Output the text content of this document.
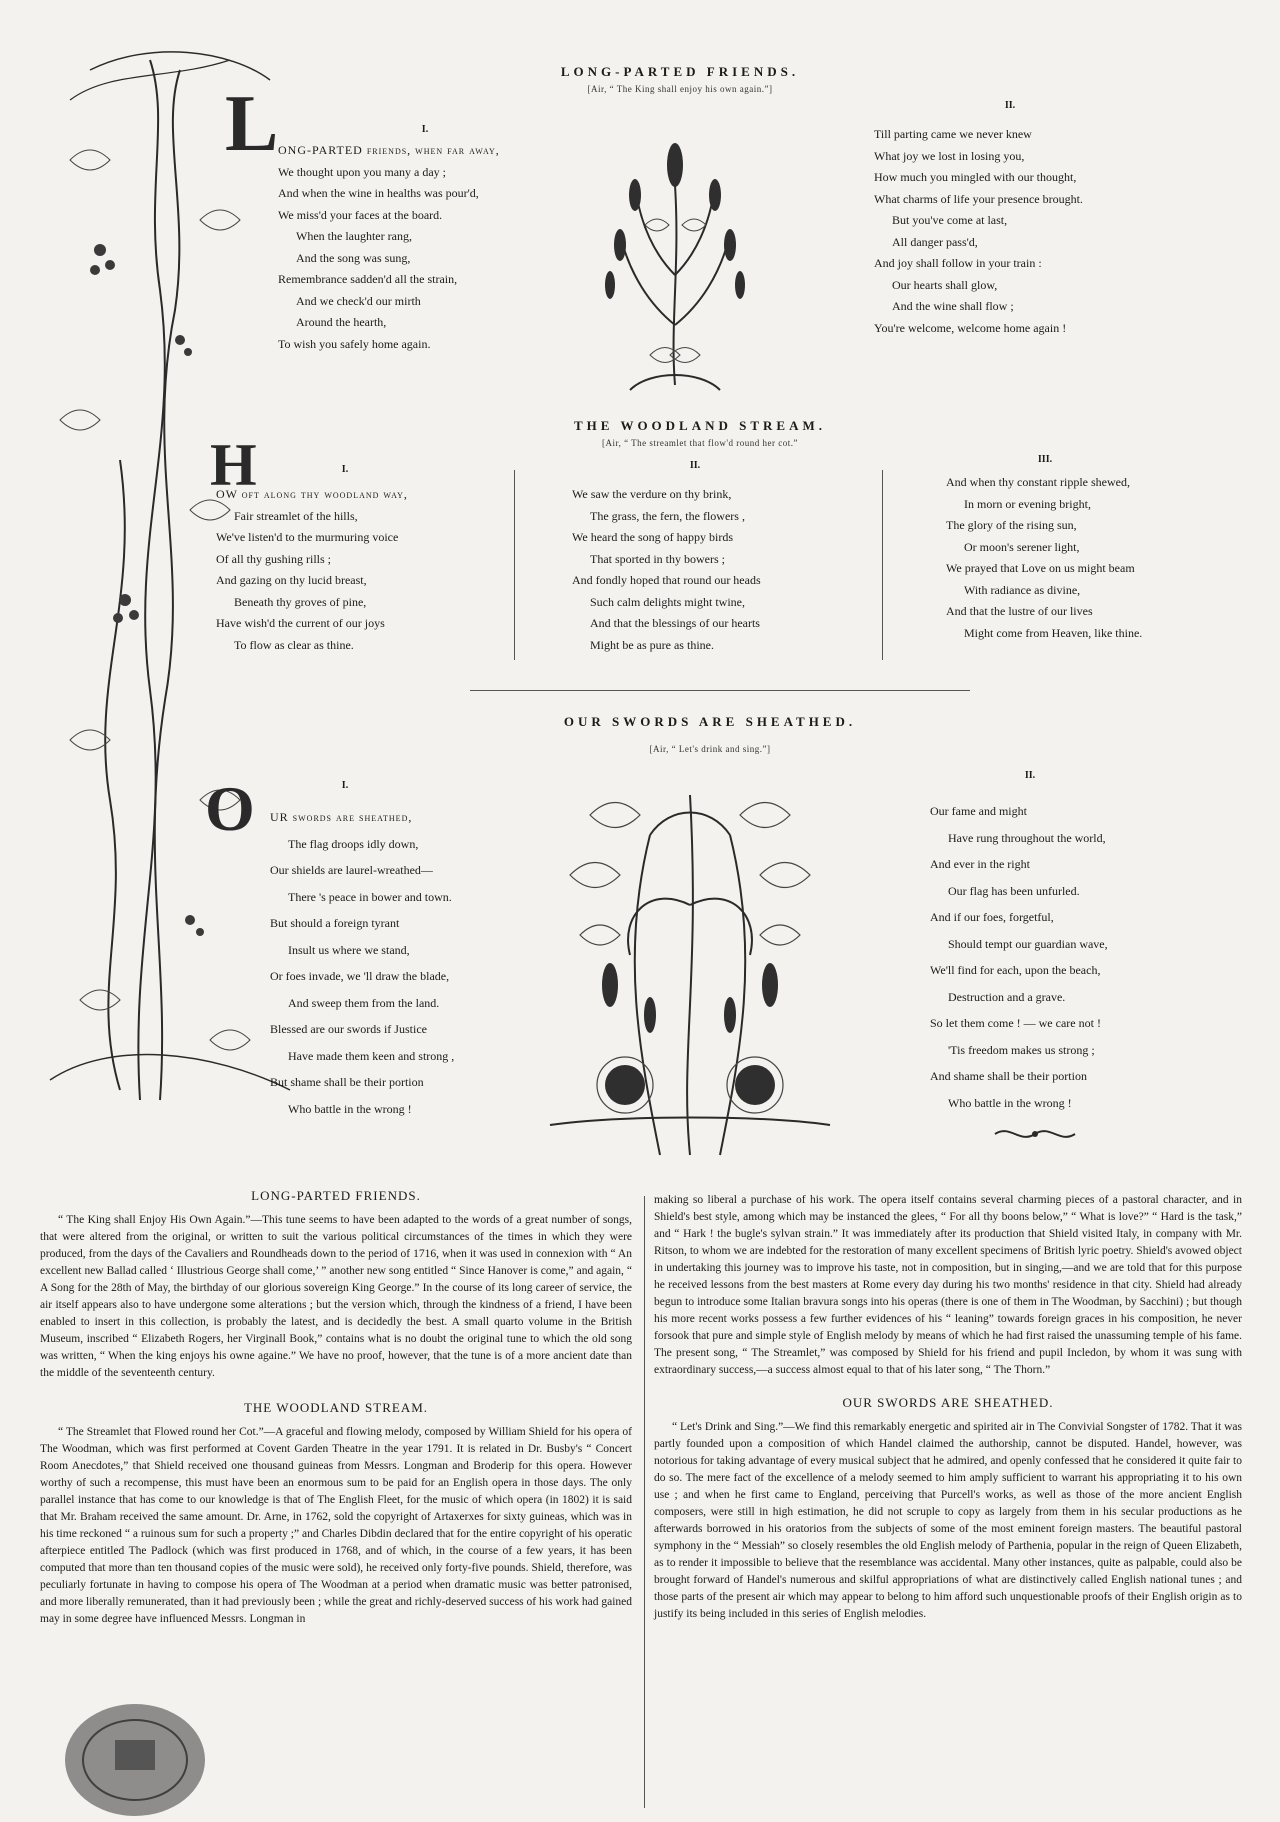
L
H
O
LONG-PARTED FRIENDS.
[Air, “ The King shall enjoy his own again.”]
I.
ONG-PARTED friends, when far away,
We thought upon you many a day ;
And when the wine in healths was pour'd,
We miss'd your faces at the board.
When the laughter rang,
And the song was sung,
Remembrance sadden'd all the strain,
And we check'd our mirth
Around the hearth,
To wish you safely home again.
II.
Till parting came we never knew
What joy we lost in losing you,
How much you mingled with our thought,
What charms of life your presence brought.
But you've come at last,
All danger pass'd,
And joy shall follow in your train :
Our hearts shall glow,
And the wine shall flow ;
You're welcome, welcome home again !
THE WOODLAND STREAM.
[Air, “ The streamlet that flow'd round her cot.”
I.
OW oft along thy woodland way,
Fair streamlet of the hills,
We've listen'd to the murmuring voice
Of all thy gushing rills ;
And gazing on thy lucid breast,
Beneath thy groves of pine,
Have wish'd the current of our joys
To flow as clear as thine.
II.
We saw the verdure on thy brink,
The grass, the fern, the flowers ,
We heard the song of happy birds
That sported in thy bowers ;
And fondly hoped that round our heads
Such calm delights might twine,
And that the blessings of our hearts
Might be as pure as thine.
III.
And when thy constant ripple shewed,
In morn or evening bright,
The glory of the rising sun,
Or moon's serener light,
We prayed that Love on us might beam
With radiance as divine,
And that the lustre of our lives
Might come from Heaven, like thine.
OUR SWORDS ARE SHEATHED.
[Air, “ Let's drink and sing.”]
I.
UR swords are sheathed,
The flag droops idly down,
Our shields are laurel-wreathed—
There 's peace in bower and town.
But should a foreign tyrant
Insult us where we stand,
Or foes invade, we 'll draw the blade,
And sweep them from the land.
Blessed are our swords if Justice
Have made them keen and strong ,
But shame shall be their portion
Who battle in the wrong !
II.
Our fame and might
Have rung throughout the world,
And ever in the right
Our flag has been unfurled.
And if our foes, forgetful,
Should tempt our guardian wave,
We'll find for each, upon the beach,
Destruction and a grave.
So let them come ! — we care not !
'Tis freedom makes us strong ;
And shame shall be their portion
Who battle in the wrong !
LONG-PARTED FRIENDS.

“ The King shall Enjoy His Own Again.”—This tune seems to have been adapted to the words of a great number of songs, that were altered from the original, or written to suit the various political circumstances of the times in which they were produced, from the days of the Cavaliers and Roundheads down to the period of 1716, when it was used in connexion with “ An excellent new Ballad called ‘ Illustrious George shall come,’ ” another new song entitled “ Since Hanover is come,” and again, “ A Song for the 28th of May, the birthday of our glorious sovereign King George.” In the course of its long career of service, the air itself appears also to have undergone some alterations ; but the version which, through the kindness of a friend, I have been enabled to insert in this collection, is probably the latest, and is decidedly the best. A small quarto volume in the British Museum, inscribed “ Elizabeth Rogers, her Virginall Book,” contains what is no doubt the original tune to which the old song was written, “ When the king enjoys his owne againe.” We have no proof, however, that the tune is of a more ancient date than the middle of the seventeenth century.

THE WOODLAND STREAM.

“ The Streamlet that Flowed round her Cot.”—A graceful and flowing melody, composed by William Shield for his opera of The Woodman, which was first performed at Covent Garden Theatre in the year 1791. It is related in Dr. Busby's “ Concert Room Anecdotes,” that Shield received one thousand guineas from Messrs. Longman and Broderip for this opera. However worthy of such a recompense, this must have been an enormous sum to be paid for an English opera in those days. The only parallel instance that has come to our knowledge is that of The English Fleet, for the music of which opera (in 1802) it is said that Mr. Braham received the same amount. Dr. Arne, in 1762, sold the copyright of Artaxerxes for sixty guineas, which was in his time reckoned “ a ruinous sum for such a property ;” and Charles Dibdin declared that for the entire copyright of his operatic afterpiece entitled The Padlock (which was first produced in 1768, and of which, in the course of a few years, it has been computed that more than ten thousand copies of the music were sold), he received only forty-five pounds. Shield, therefore, was peculiarly fortunate in having to compose his opera of The Woodman at a period when dramatic music was better patronised, and more liberally remunerated, than it had previously been ; while the great and richly-deserved success of his work had gained may in some degree have influenced Messrs. Longman in

making so liberal a purchase of his work. The opera itself contains several charming pieces of a pastoral character, and in Shield's best style, among which may be instanced the glees, “ For all thy boons below,” “ What is love?” “ Hard is the task,” and “ Hark ! the bugle's sylvan strain.” It was immediately after its production that Shield visited Italy, in company with Mr. Ritson, to whom we are indebted for the restoration of many excellent specimens of British lyric poetry. Shield's avowed object in undertaking this journey was to improve his taste, not in composition, but in singing,—and we are told that for this purpose he received lessons from the best masters at Rome every day during his two months' residence in that city. Shield had already begun to introduce some Italian bravura songs into his operas (there is one of them in The Woodman, by Sacchini) ; but though his more recent works possess a few further evidences of his “ leaning” towards foreign graces in his composition, he never forsook that pure and simple style of English melody by means of which he had first raised the unassuming temple of his fame. The present song, “ The Streamlet,” was composed by Shield for his friend and pupil Incledon, by whom it was sung with extraordinary success,—a success almost equal to that of his later song, “ The Thorn.”

OUR SWORDS ARE SHEATHED.

“ Let's Drink and Sing.”—We find this remarkably energetic and spirited air in The Convivial Songster of 1782. That it was partly founded upon a composition of which Handel claimed the authorship, cannot be disputed. Handel, however, was notorious for taking advantage of every musical subject that he admired, and openly confessed that he considered it quite fair to do so. The mere fact of the excellence of a melody seemed to him amply sufficient to warrant his appropriating it to his own use ; and when he first came to England, perceiving that Purcell's works, as well as those of the more ancient English composers, were still in high estimation, he did not scruple to copy as largely from them in his secular productions as he afterwards borrowed in his oratorios from the subjects of some of the most eminent foreign masters. The beautiful pastoral symphony in the “ Messiah” so closely resembles the old English melody of Parthenia, popular in the reign of Queen Elizabeth, as to render it impossible to believe that the resemblance was accidental. Many other instances, quite as palpable, could also be brought forward of Handel's numerous and skilful appropriations of what are distinctively called English national tunes ; and those parts of the present air which may appear to belong to him afford such unquestionable proofs of their English origin as to justify its being included in this series of English melodies.
